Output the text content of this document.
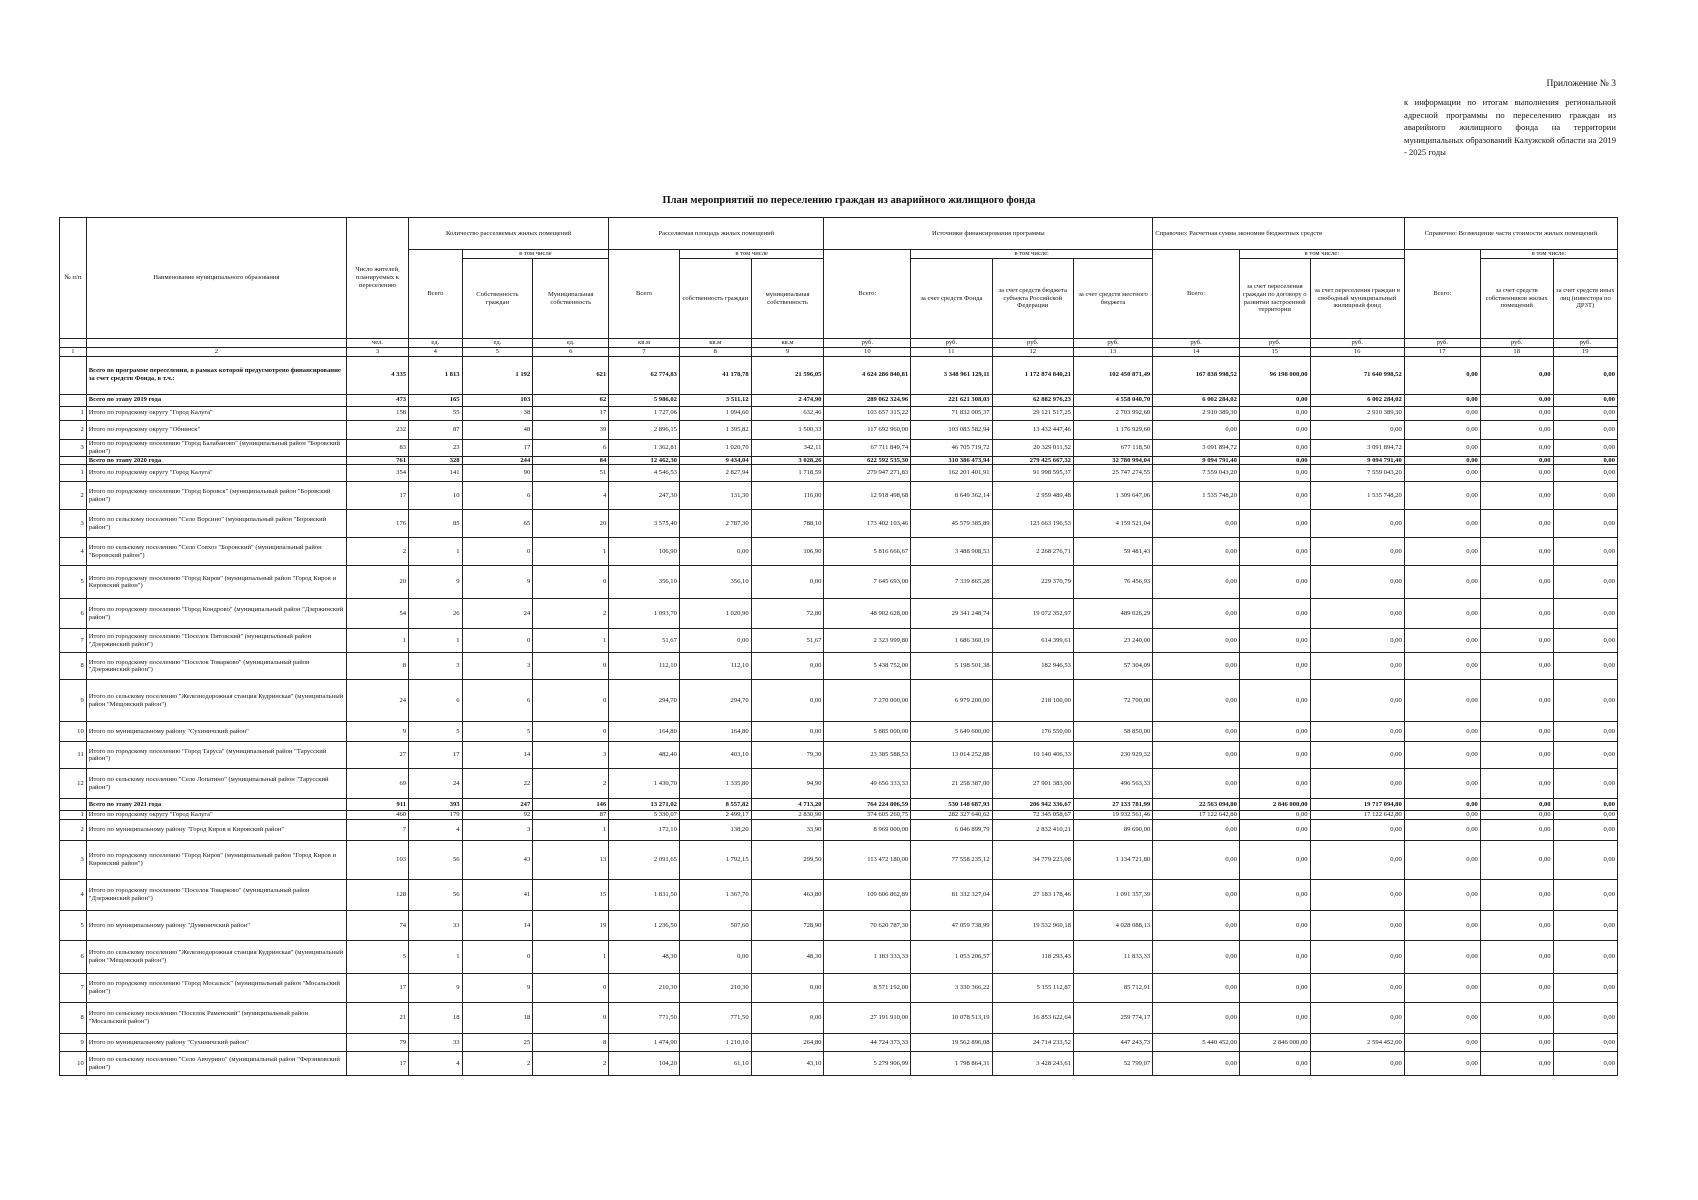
Приложение № 3
к информации по итогам выполнения региональной адресной программы по переселению граждан из аварийного жилищного фонда на территории муниципальных образований Калужской области на 2019 - 2025 годы
План мероприятий по переселению граждан из аварийного жилищного фонда
№ п/п	Наименование муниципального образования	Число жителей, планируемых к переселению	Количество расселяемых жилых помещений			Расселяемая площадь жилых помещений			Источники финансирования программы				Справочно: Расчетная сумма экономии бюджетных средств			Справочно: Возмещение части стоимости жилых помещений		
			Всего	в том числе		Всего	в том числе		Всего:	в том числе:			Всего:	в том числе:		Всего:	в том числе:	
				Собственность граждан	Муниципальная собственность		собственность граждан	муниципальная собственность		за счет средств Фонда	за счет средств бюджета субъекта Российской Федерации	за счет средств местного бюджета		за счет переселения граждан по договору о развитии застроенной территории	за счет переселения граждан в свободный муниципальный жилищный фонд		за счет средств собственников жилых помещений	за счет средств иных лиц (инвестора по ДРЗТ)
		чел.	ед.	ед.	ед.	кв.м	кв.м	кв.м	руб.	руб.	руб.	руб.	руб.	руб.	руб.	руб.	руб.	руб.
1	2	3	4	5	6	7	8	9	10	11	12	13	14	15	16	17	18	19
	Всего по программе переселения, в рамках которой предусмотрено финансирование за счет средств Фонда, в т.ч.:	4 335	1 813	1 192	621	62 774,83	41 178,78	21 596,05	4 624 286 840,81	3 348 961 129,11	1 172 874 840,21	102 450 871,49	167 838 998,52	96 198 000,00	71 640 998,52	0,00	0,00	0,00
	Всего по этапу 2019 года	473	165	103	62	5 986,02	3 511,12	2 474,90	289 062 324,96	221 621 308,03	62 882 976,23	4 558 040,70	6 002 284,02	0,00	6 002 284,02	0,00	0,00	0,00
1	Итого по городскому округу "Город Калуга"	158	55	38	17	1 727,06	1 094,60	632,46	103 657 315,22	71 832 005,37	29 121 517,25	2 703 992,60	2 910 389,30	0,00	2 910 389,30	0,00	0,00	0,00
2	Итого по городскому округу "Обнинск"	232	87	48	39	2 896,15	1 395,82	1 500,33	117 692 960,00	103 083 582,94	13 432 447,46	1 176 929,60	0,00	0,00	0,00	0,00	0,00	0,00
3	Итого по городскому поселению "Город Балабаново" (муниципальный район "Боровский район")	83	23	17	6	1 362,81	1 020,70	342,11	67 711 849,74	46 705 719,72	20 329 011,52	677 118,50	3 091 894,72	0,00	3 091 894,72	0,00	0,00	0,00
	Всего по этапу 2020 года	761	328	244	84	12 462,30	9 434,04	3 028,26	622 592 535,30	310 386 473,94	279 425 667,32	32 780 994,04	9 094 791,40	0,00	9 094 791,40	0,00	0,00	0,00
1	Итого по городскому округу "Город Калуга"	354	141	90	51	4 546,53	2 827,94	1 718,59	279 947 271,83	162 201 401,91	91 998 595,37	25 747 274,55	7 559 043,20	0,00	7 559 043,20	0,00	0,00	0,00
2	Итого по городскому поселению "Город Боровск" (муниципальный район "Боровский район")	17	10	6	4	247,30	131,30	116,00	12 918 498,68	8 649 362,14	2 959 489,48	1 309 647,06	1 535 748,20	0,00	1 535 748,20	0,00	0,00	0,00
3	Итого по сельскому поселению "Село Ворсино" (муниципальный район "Боровский район")	176	85	65	20	3 575,40	2 787,30	788,10	173 402 103,46	45 579 385,89	123 663 196,53	4 159 521,04	0,00	0,00	0,00	0,00	0,00	0,00
4	Итого по сельскому поселению "Село Совхоз "Боровский" (муниципальный район "Боровский район")	2	1	0	1	106,90	0,00	106,90	5 816 666,67	3 488 908,53	2 268 276,71	59 481,43	0,00	0,00	0,00	0,00	0,00	0,00
5	Итого по городскому поселению "Город Киров" (муниципальный район "Город Киров и Кировский район")	20	9	9	0	356,10	356,10	0,00	7 645 693,00	7 339 865,28	229 370,79	76 456,93	0,00	0,00	0,00	0,00	0,00	0,00
6	Итого по городскому поселению "Город Кондрово" (муниципальный район "Дзержинский район")	54	26	24	2	1 093,70	1 020,90	72,80	48 902 628,00	29 341 248,74	19 072 352,97	489 026,29	0,00	0,00	0,00	0,00	0,00	0,00
7	Итого по городскому поселению "Поселок Пятовский" (муниципальный район "Дзержинский район")	1	1	0	1	51,67	0,00	51,67	2 323 999,80	1 686 360,19	614 399,61	23 240,00	0,00	0,00	0,00	0,00	0,00	0,00
8	Итого по городскому поселению "Поселок Товарково" (муниципальный район "Дзержинский район")	8	3	3	0	112,10	112,10	0,00	5 438 752,00	5 198 501,38	182 946,53	57 304,09	0,00	0,00	0,00	0,00	0,00	0,00
9	Итого по сельскому поселению "Железнодорожная станция Кудринская" (муниципальный район "Мещовский район")	24	6	6	0	294,70	294,70	0,00	7 270 000,00	6 979 200,00	218 100,00	72 700,00	0,00	0,00	0,00	0,00	0,00	0,00
10	Итого по муниципальному району "Сухиничский район"	9	5	5	0	164,80	164,80	0,00	5 885 000,00	5 649 600,00	176 550,00	58 850,00	0,00	0,00	0,00	0,00	0,00	0,00
11	Итого по городскому поселению "Город Таруса" (муниципальный район "Тарусский район")	27	17	14	3	482,40	403,10	79,30	23 385 588,53	13 014 252,88	10 140 406,33	230 929,32	0,00	0,00	0,00	0,00	0,00	0,00
12	Итого по сельскому поселению "Село Лопатино" (муниципальный район "Тарусский район")	69	24	22	2	1 430,70	1 335,80	94,90	49 656 333,33	21 258 387,00	27 901 383,00	496 563,33	0,00	0,00	0,00	0,00	0,00	0,00
	Всего по этапу 2021 года	911	393	247	146	13 271,02	8 557,82	4 713,20	764 224 806,59	530 148 687,93	206 942 336,67	27 133 781,99	22 563 094,80	2 846 000,00	19 717 094,80	0,00	0,00	0,00
1	Итого по городскому округу "Город Калуга"	460	179	92	87	5 330,07	2 499,17	2 830,90	374 605 260,75	282 327 640,62	72 345 058,67	19 932 561,46	17 122 642,80	0,00	17 122 642,80	0,00	0,00	0,00
2	Итого по муниципальному району "Город Киров и Кировский район"	7	4	3	1	172,10	138,20	33,90	8 969 000,00	6 046 899,79	2 832 410,21	89 690,00	0,00	0,00	0,00	0,00	0,00	0,00
3	Итого по городскому поселению "Город Киров" (муниципальный район "Город Киров и Кировский район")	103	56	43	13	2 091,65	1 792,15	299,50	113 472 180,00	77 558 235,12	34 779 223,08	1 134 721,80	0,00	0,00	0,00	0,00	0,00	0,00
4	Итого по городскому поселению "Поселок Товарково" (муниципальный район "Дзержинский район")	128	56	41	15	1 831,50	1 367,70	463,80	109 606 862,89	81 332 327,04	27 183 178,46	1 091 357,39	0,00	0,00	0,00	0,00	0,00	0,00
5	Итого по муниципальному району "Думиничский район"	74	33	14	19	1 236,50	507,60	728,90	70 620 787,30	47 059 738,99	19 532 960,18	4 028 088,13	0,00	0,00	0,00	0,00	0,00	0,00
6	Итого по сельскому поселению "Железнодорожная станция Кудринская" (муниципальный район "Мещовский район")	5	1	0	1	48,30	0,00	48,30	1 183 333,33	1 053 206,57	118 293,43	11 833,33	0,00	0,00	0,00	0,00	0,00	0,00
7	Итого по городскому поселению "Город Мосальск" (муниципальный район "Мосальский район")	17	9	9	0	210,30	210,30	0,00	8 571 192,00	3 330 366,22	5 155 112,87	85 712,91	0,00	0,00	0,00	0,00	0,00	0,00
8	Итого по сельскому поселению "Поселок Раменский" (муниципальный район "Мосальский район")	21	18	18	0	771,50	771,50	0,00	27 191 910,00	10 078 513,19	16 853 622,64	259 774,17	0,00	0,00	0,00	0,00	0,00	0,00
9	Итого по муниципальному району "Сухиничский район"	79	33	25	8	1 474,90	1 210,10	264,80	44 724 373,33	19 562 896,08	24 714 233,52	447 243,73	5 440 452,00	2 846 000,00	2 594 452,00	0,00	0,00	0,00
10	Итого по сельскому поселению "Село Авчурино" (муниципальный район "Ферзиковский район")	17	4	2	2	104,20	61,10	43,10	5 279 906,99	1 798 864,31	3 428 243,61	52 799,07	0,00	0,00	0,00	0,00	0,00	0,00
